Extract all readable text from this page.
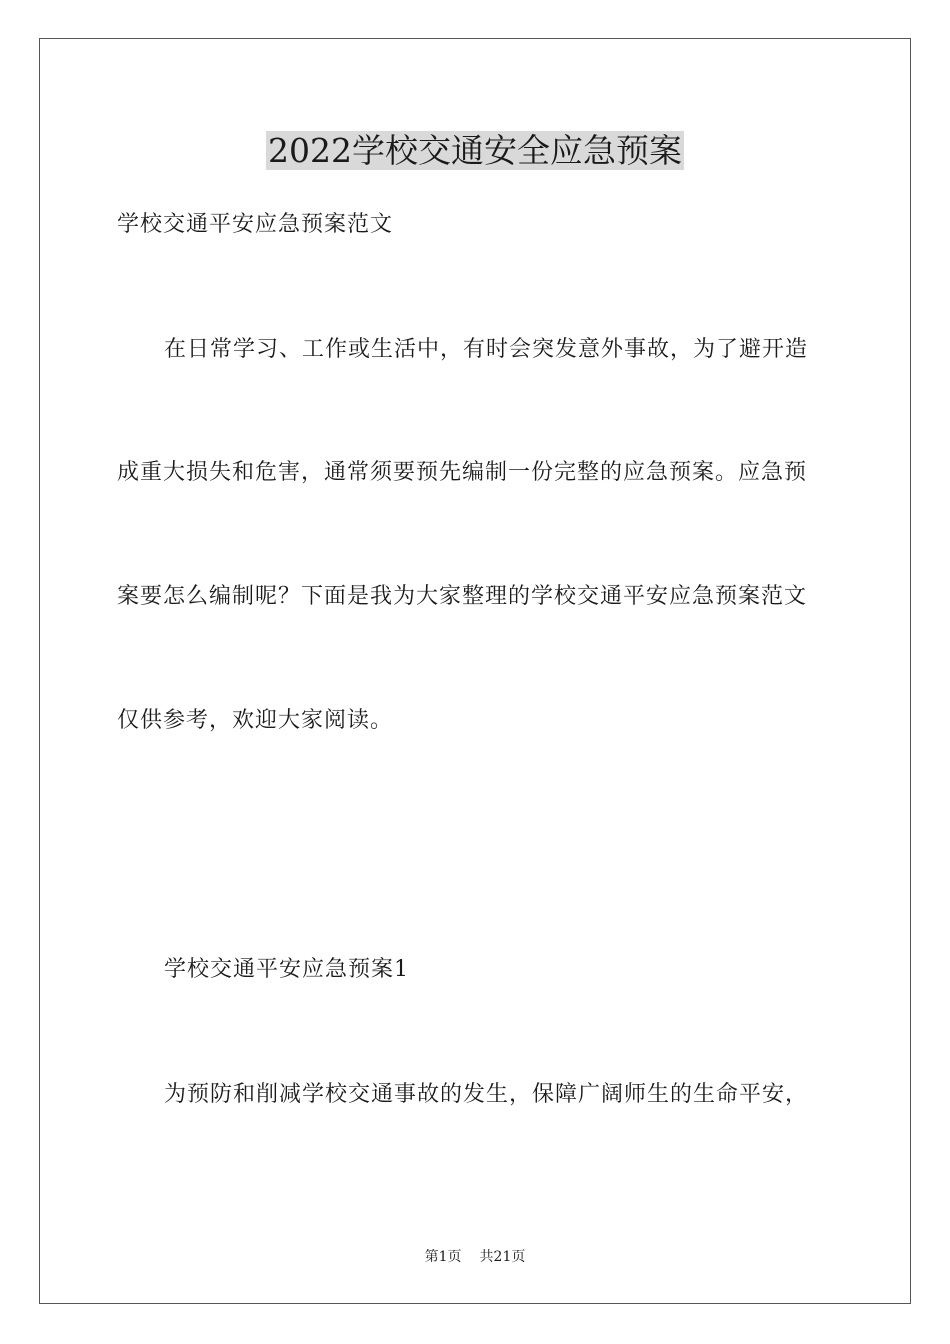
2022学校交通安全应急预案

学校交通平安应急预案范文

在日常学习、工作或生活中，有时会突发意外事故，为了避开造

成重大损失和危害，通常须要预先编制一份完整的应急预案。应急预

案要怎么编制呢？下面是我为大家整理的学校交通平安应急预案范文

仅供参考，欢迎大家阅读。

学校交通平安应急预案1

为预防和削减学校交通事故的发生，保障广阔师生的生命平安，

第1页 共21页
